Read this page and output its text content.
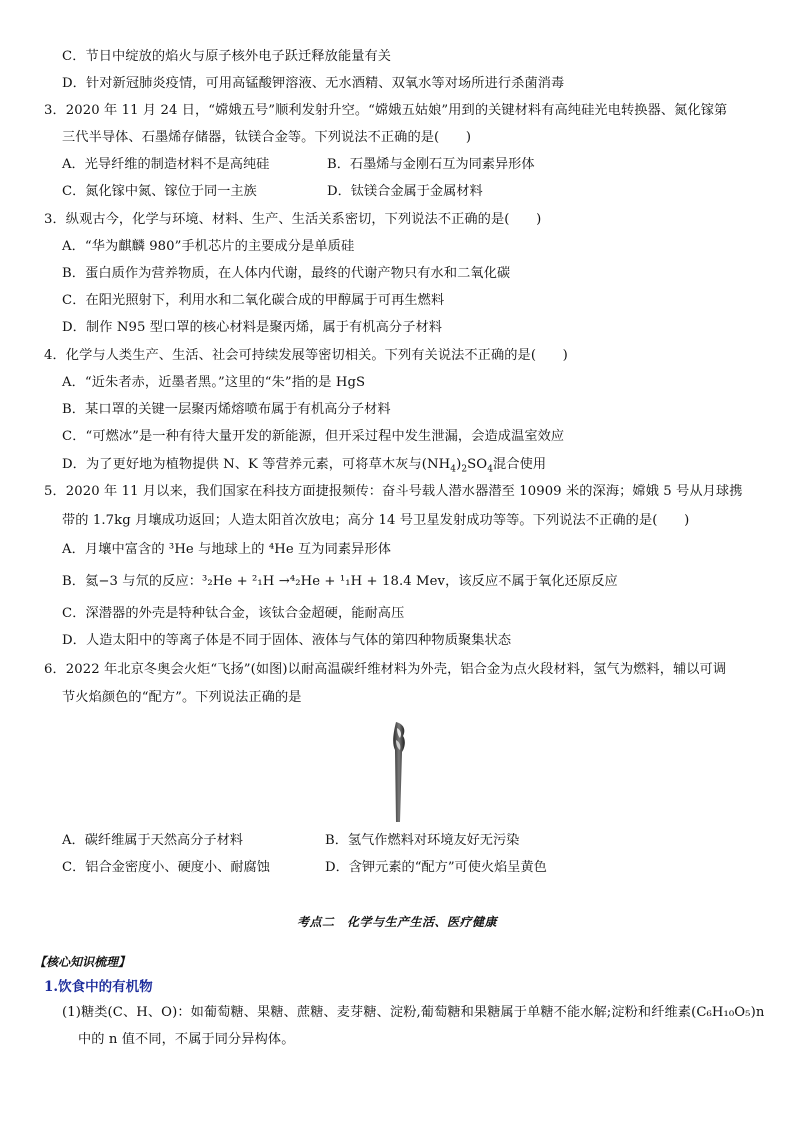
C．节日中绽放的焰火与原子核外电子跃迁释放能量有关
D．针对新冠肺炎疫情，可用高锰酸钾溶液、无水酒精、双氧水等对场所进行杀菌消毒
3．2020 年 11 月 24 日，“嫦娥五号”顺利发射升空。“嫦娥五姑娘”用到的关键材料有高纯硅光电转换器、氮化镓第
三代半导体、石墨烯存储器，钛镁合金等。下列说法不正确的是(　　)
A．光导纤维的制造材料不是高纯硅	B．石墨烯与金刚石互为同素异形体
C．氮化镓中氮、镓位于同一主族	D．钛镁合金属于金属材料
3．纵观古今，化学与环境、材料、生产、生活关系密切，下列说法不正确的是(　　)
A．“华为麒麟 980”手机芯片的主要成分是单质硅
B．蛋白质作为营养物质，在人体内代谢，最终的代谢产物只有水和二氧化碳
C．在阳光照射下，利用水和二氧化碳合成的甲醇属于可再生燃料
D．制作 N95 型口罩的核心材料是聚丙烯，属于有机高分子材料
4．化学与人类生产、生活、社会可持续发展等密切相关。下列有关说法不正确的是(　　)
A．“近朱者赤，近墨者黑。”这里的“朱”指的是 HgS
B．某口罩的关键一层聚丙烯熔喷布属于有机高分子材料
C．“可燃冰”是一种有待大量开发的新能源，但开采过程中发生泄漏，会造成温室效应
D．为了更好地为植物提供 N、K 等营养元素，可将草木灰与$(NH_4)_2SO_4$混合使用
5．2020 年 11 月以来，我们国家在科技方面捷报频传：奋斗号载人潜水器潜至 10909 米的深海；嫦娥 5 号从月球携
带的 1.7kg 月壤成功返回；人造太阳首次放电；高分 14 号卫星发射成功等等。下列说法不正确的是(　　)
A．月壤中富含的 ³He 与地球上的 ⁴He 互为同素异形体
B．氦−3 与氘的反应：³₂He + ²₁H →⁴₂He + ¹₁H + 18.4 Mev，该反应不属于氧化还原反应
C．深潜器的外壳是特种钛合金，该钛合金超硬，能耐高压
D．人造太阳中的等离子体是不同于固体、液体与气体的第四种物质聚集状态
6．2022 年北京冬奥会火炬“飞扬”(如图)以耐高温碳纤维材料为外壳，铝合金为点火段材料，氢气为燃料，辅以可调
节火焰颜色的“配方”。下列说法正确的是
A．碳纤维属于天然高分子材料	B．氢气作燃料对环境友好无污染
C．铝合金密度小、硬度小、耐腐蚀	D．含钾元素的“配方”可使火焰呈黄色
考点二　化学与生产生活、医疗健康
【核心知识梳理】
1.饮食中的有机物
(1)糖类(C、H、O)：如葡萄糖、果糖、蔗糖、麦芽糖、淀粉,葡萄糖和果糖属于单糖不能水解;淀粉和纤维素(C₆H₁₀O₅)n
中的 n 值不同，不属于同分异构体。
